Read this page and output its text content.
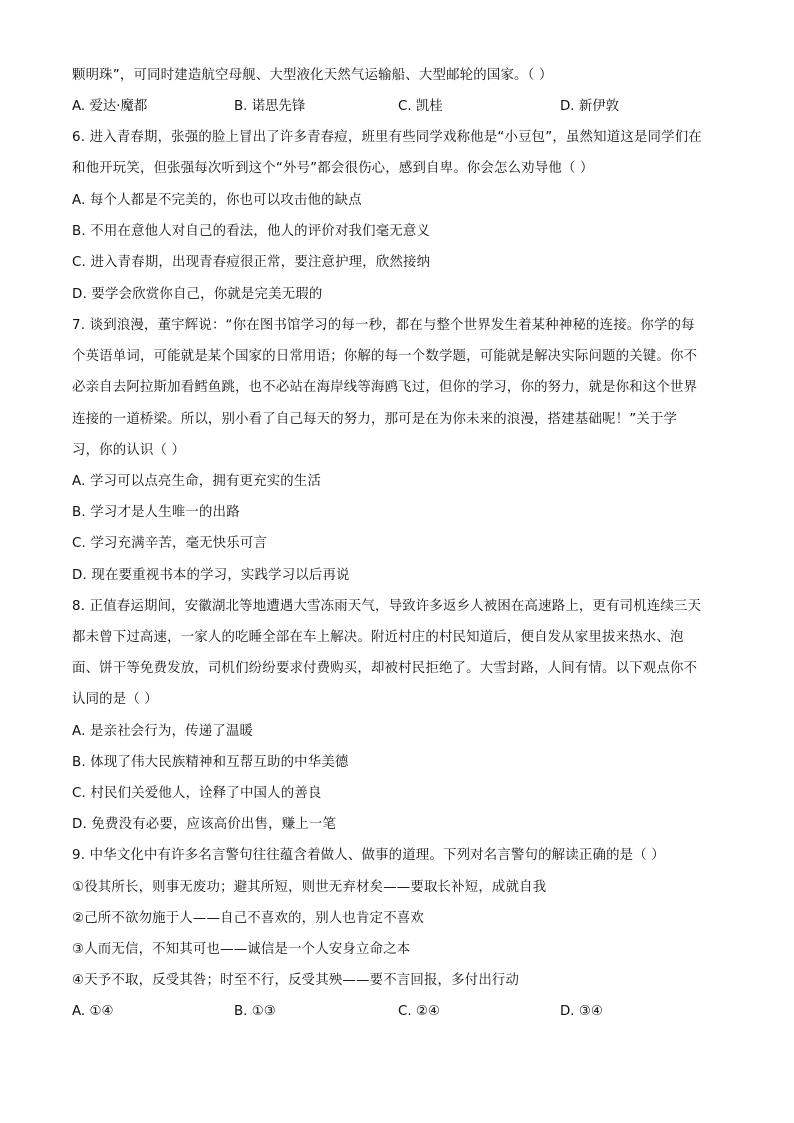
颗明珠”，可同时建造航空母舰、大型液化天然气运输船、大型邮轮的国家。（ ）
A. 爱达·魔都	B. 诺思先锋	C. 凯桂	D. 新伊敦
6. 进入青春期，张强的脸上冒出了许多青春痘，班里有些同学戏称他是“小豆包”，虽然知道这是同学们在
和他开玩笑，但张强每次听到这个“外号”都会很伤心，感到自卑。你会怎么劝导他（ ）
A. 每个人都是不完美的，你也可以攻击他的缺点
B. 不用在意他人对自己的看法，他人的评价对我们毫无意义
C. 进入青春期，出现青春痘很正常，要注意护理，欣然接纳
D. 要学会欣赏你自己，你就是完美无瑕的
7. 谈到浪漫，董宇辉说：“你在图书馆学习的每一秒，都在与整个世界发生着某种神秘的连接。你学的每
个英语单词，可能就是某个国家的日常用语；你解的每一个数学题，可能就是解决实际问题的关键。你不
必亲自去阿拉斯加看鳕鱼跳，也不必站在海岸线等海鸥飞过，但你的学习，你的努力，就是你和这个世界
连接的一道桥梁。所以，别小看了自己每天的努力，那可是在为你未来的浪漫，搭建基础呢！”关于学
习，你的认识（ ）
A. 学习可以点亮生命，拥有更充实的生活
B. 学习才是人生唯一的出路
C. 学习充满辛苦，毫无快乐可言
D. 现在要重视书本的学习，实践学习以后再说
8. 正值春运期间，安徽湖北等地遭遇大雪冻雨天气，导致许多返乡人被困在高速路上，更有司机连续三天
都未曾下过高速，一家人的吃睡全部在车上解决。附近村庄的村民知道后，便自发从家里拔来热水、泡
面、饼干等免费发放，司机们纷纷要求付费购买，却被村民拒绝了。大雪封路，人间有情。以下观点你不
认同的是（ ）
A. 是亲社会行为，传递了温暖
B. 体现了伟大民族精神和互帮互助的中华美德
C. 村民们关爱他人，诠释了中国人的善良
D. 免费没有必要，应该高价出售，赚上一笔
9. 中华文化中有许多名言警句往往蕴含着做人、做事的道理。下列对名言警句的解读正确的是（ ）
①役其所长，则事无废功；避其所短，则世无弃材矣——要取长补短，成就自我
②己所不欲勿施于人——自己不喜欢的，别人也肯定不喜欢
③人而无信，不知其可也——诚信是一个人安身立命之本
④天予不取，反受其咎；时至不行，反受其殃——要不言回报，多付出行动
A. ①④	B. ①③	C. ②④	D. ③④
